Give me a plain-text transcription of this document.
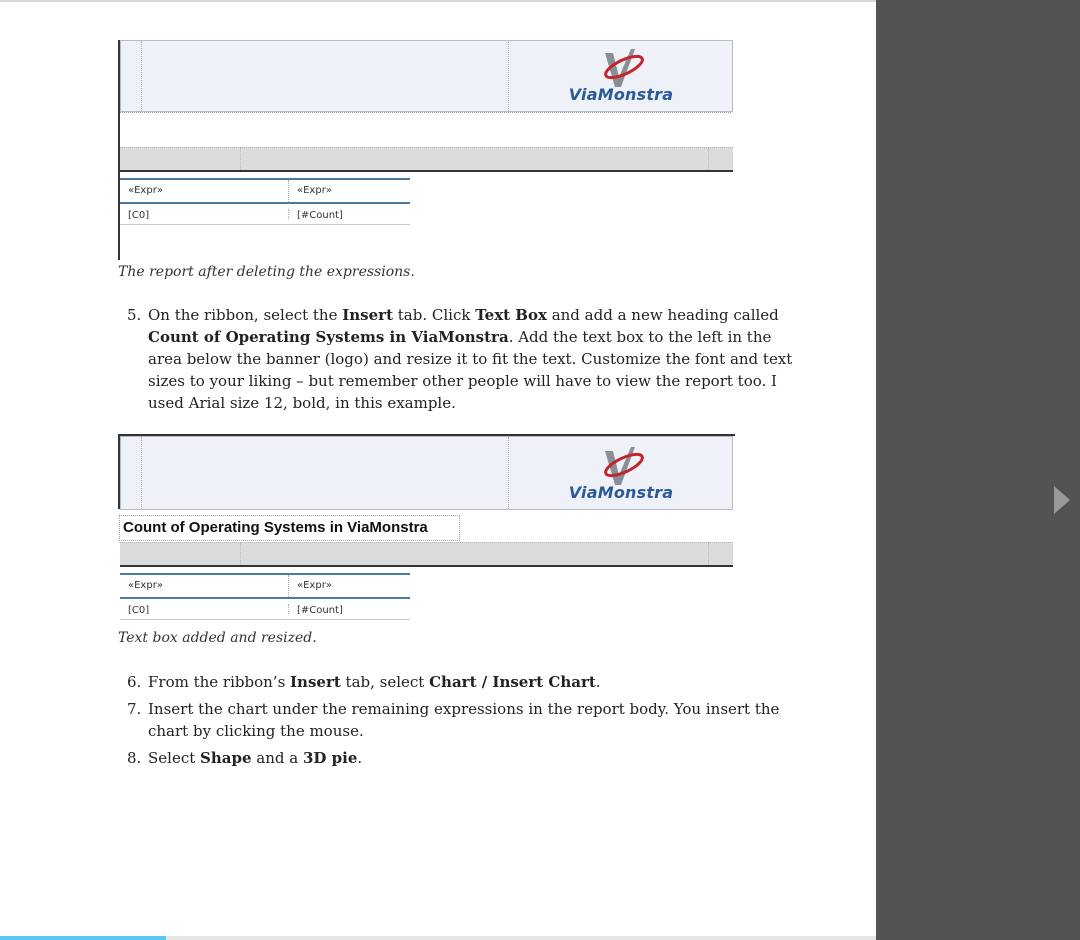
ViaMonstra
«Expr»	«Expr»
[C0]	[#Count]
The report after deleting the expressions.
5. On the ribbon, select the Insert tab. Click Text Box and add a new heading called Count of Operating Systems in ViaMonstra. Add the text box to the left in the area below the banner (logo) and resize it to fit the text. Customize the font and text sizes to your liking – but remember other people will have to view the report too. I used Arial size 12, bold, in this example.
ViaMonstra
Count of Operating Systems in ViaMonstra
«Expr»	«Expr»
[C0]	[#Count]
Text box added and resized.
6. From the ribbon’s Insert tab, select Chart / Insert Chart.
7. Insert the chart under the remaining expressions in the report body. You insert the chart by clicking the mouse.
8. Select Shape and a 3D pie.
